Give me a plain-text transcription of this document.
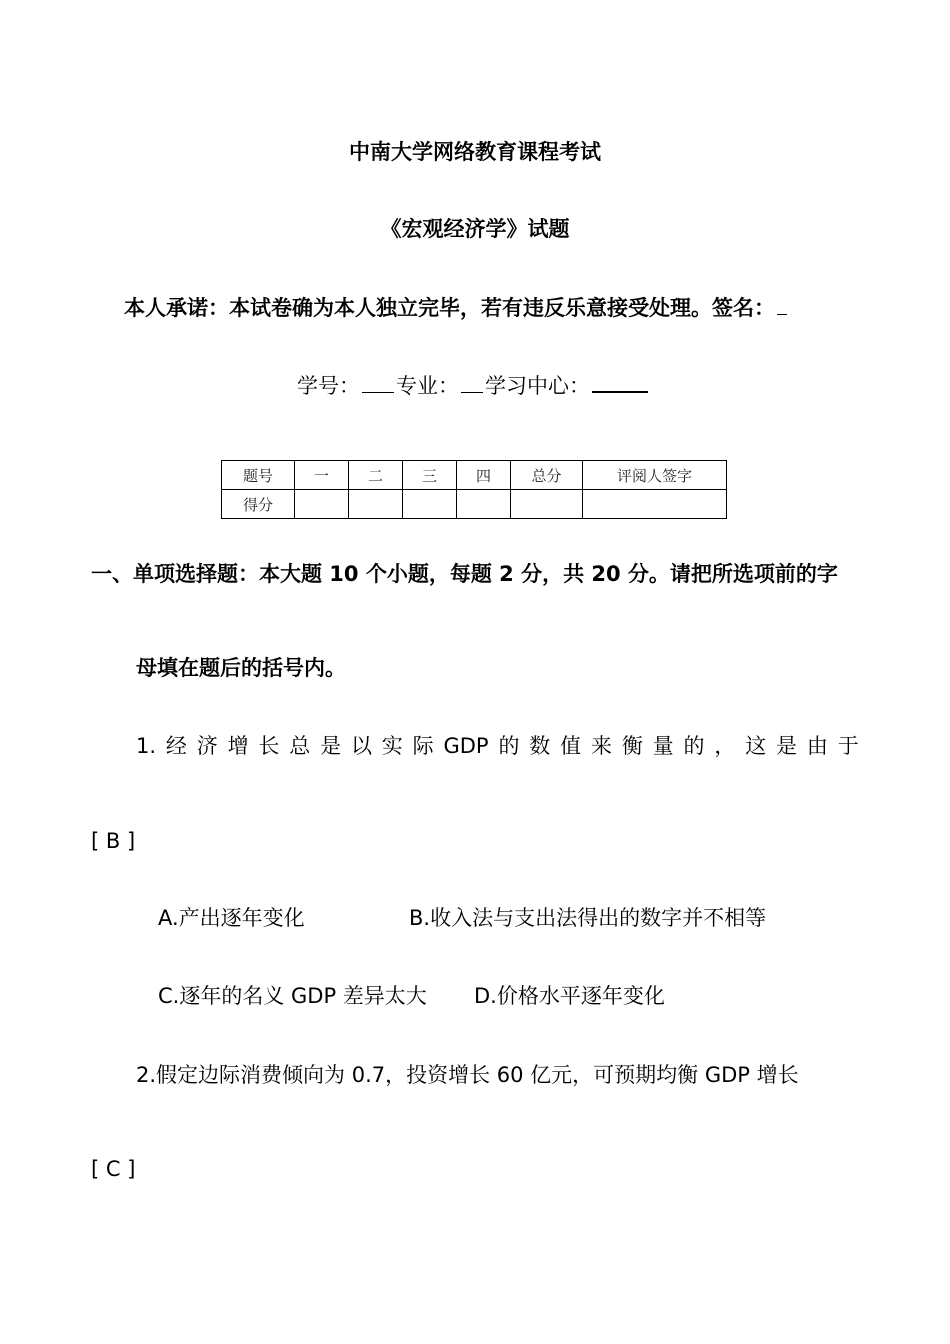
中南大学网络教育课程考试
《宏观经济学》试题
本人承诺：本试卷确为本人独立完毕，若有违反乐意接受处理。签名：
学号： 专业： 学习中心：
题号	一	二	三	四	总分	评阅人签字
得分						
一、单项选择题：本大题 10 个小题，每题 2 分，共 20 分。请把所选项前的字
母填在题后的括号内。
1. 经 济 增 长 总 是 以 实 际 GDP 的 数 值 来 衡 量 的 ， 这 是 由 于
[ B ]
A.产出逐年变化	B.收入法与支出法得出的数字并不相等
C.逐年的名义 GDP 差异太大 D.价格水平逐年变化
2.假定边际消费倾向为 0.7，投资增长 60 亿元，可预期均衡 GDP 增长
[ C ]
